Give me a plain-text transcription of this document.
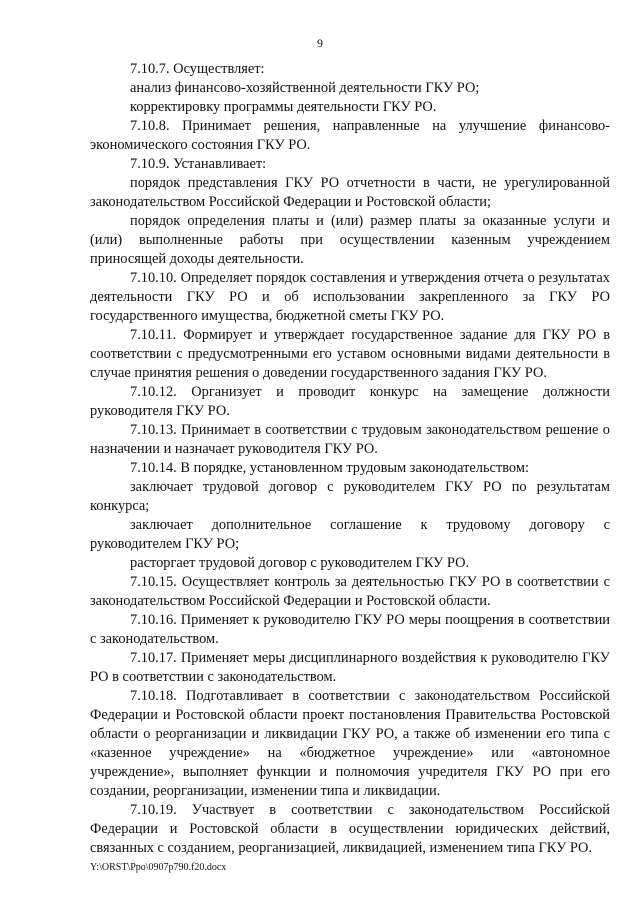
9

7.10.7. Осуществляет:

анализ финансово-хозяйственной деятельности ГКУ РО;

корректировку программы деятельности ГКУ РО.

7.10.8. Принимает решения, направленные на улучшение финансово-экономического состояния ГКУ РО.

7.10.9. Устанавливает:

порядок представления ГКУ РО отчетности в части, не урегулированной законодательством Российской Федерации и Ростовской области;

порядок определения платы и (или) размер платы за оказанные услуги и (или) выполненные работы при осуществлении казенным учреждением приносящей доходы деятельности.

7.10.10. Определяет порядок составления и утверждения отчета о результатах деятельности ГКУ РО и об использовании закрепленного за ГКУ РО государственного имущества, бюджетной сметы ГКУ РО.

7.10.11. Формирует и утверждает государственное задание для ГКУ РО в соответствии с предусмотренными его уставом основными видами деятельности в случае принятия решения о доведении государственного задания ГКУ РО.

7.10.12. Организует и проводит конкурс на замещение должности руководителя ГКУ РО.

7.10.13. Принимает в соответствии с трудовым законодательством решение о назначении и назначает руководителя ГКУ РО.

7.10.14. В порядке, установленном трудовым законодательством:

заключает трудовой договор с руководителем ГКУ РО по результатам конкурса;

заключает дополнительное соглашение к трудовому договору с руководителем ГКУ РО;

расторгает трудовой договор с руководителем ГКУ РО.

7.10.15. Осуществляет контроль за деятельностью ГКУ РО в соответствии с законодательством Российской Федерации и Ростовской области.

7.10.16. Применяет к руководителю ГКУ РО меры поощрения в соответствии с законодательством.

7.10.17. Применяет меры дисциплинарного воздействия к руководителю ГКУ РО в соответствии с законодательством.

7.10.18. Подготавливает в соответствии с законодательством Российской Федерации и Ростовской области проект постановления Правительства Ростовской области о реорганизации и ликвидации ГКУ РО, а также об изменении его типа с «казенное учреждение» на «бюджетное учреждение» или «автономное учреждение», выполняет функции и полномочия учредителя ГКУ РО при его создании, реорганизации, изменении типа и ликвидации.

7.10.19. Участвует в соответствии с законодательством Российской Федерации и Ростовской области в осуществлении юридических действий, связанных с созданием, реорганизацией, ликвидацией, изменением типа ГКУ РО.

Y:\ORST\Ppo\0907p790.f20.docx
